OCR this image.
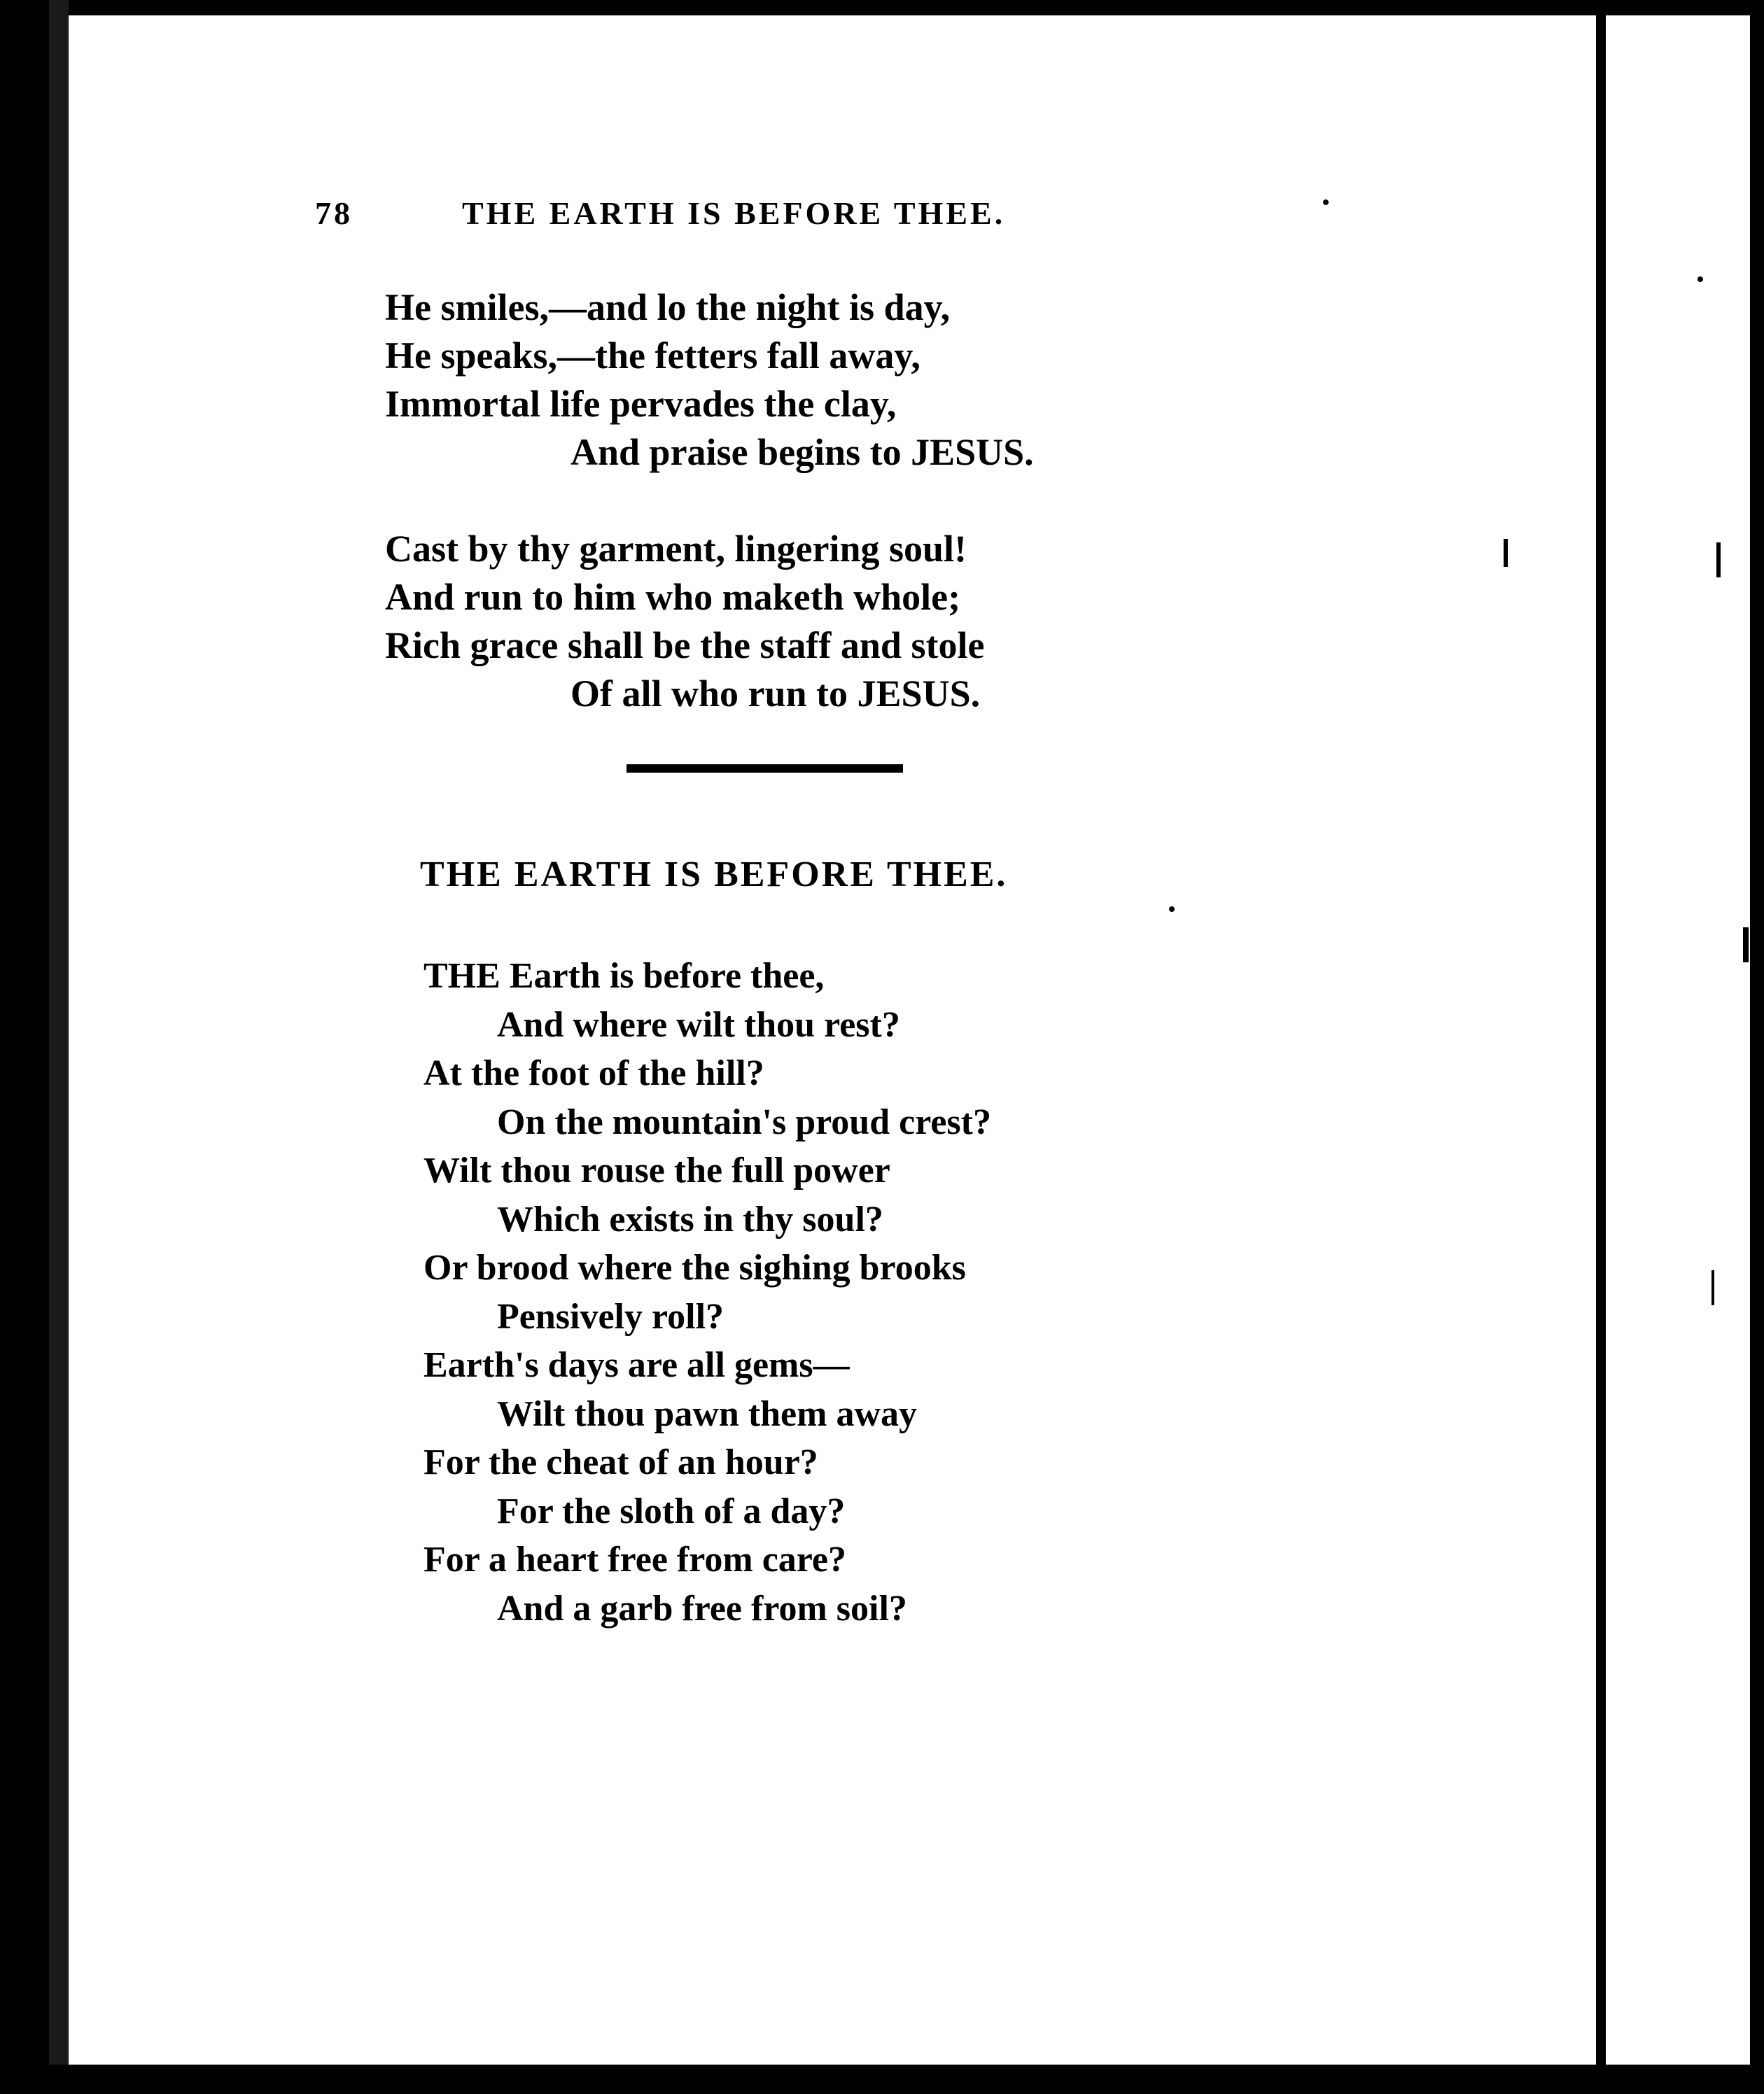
78	THE EARTH IS BEFORE THEE.
He smiles,—and lo the night is day,
He speaks,—the fetters fall away,
Immortal life pervades the clay,
And praise begins to JESUS.
Cast by thy garment, lingering soul!
And run to him who maketh whole;
Rich grace shall be the staff and stole
Of all who run to JESUS.
THE EARTH IS BEFORE THEE.
THE Earth is before thee,
And where wilt thou rest?
At the foot of the hill?
On the mountain's proud crest?
Wilt thou rouse the full power
Which exists in thy soul?
Or brood where the sighing brooks
Pensively roll?
Earth's days are all gems—
Wilt thou pawn them away
For the cheat of an hour?
For the sloth of a day?
For a heart free from care?
And a garb free from soil?
